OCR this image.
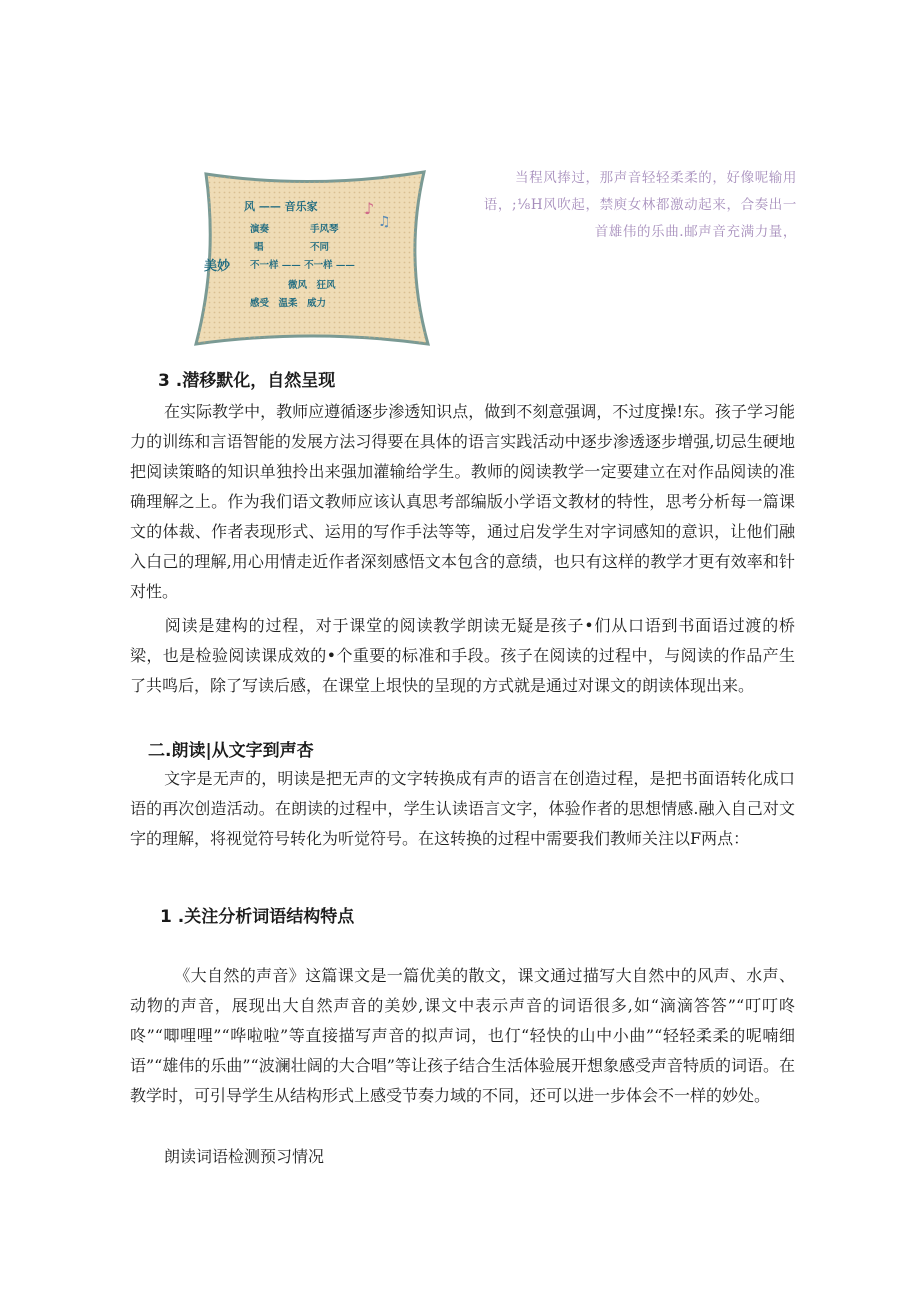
风 —— 音乐家	♪
♫
演奏	手风琴
唱	不同
美妙 不一样 —— 不一样 ——
微风　狂风
感受　温柔　威力
当程风捧过，那声音轻轻柔柔的，好像呢输用
语，;⅛H风吹起，禁庾女林都激动起来，合奏出一
首雄伟的乐曲.邮声音充满力量，
3 .潜移默化，自然呈现
在实际教学中，教师应遵循逐步渗透知识点，做到不刻意强调，不过度操!东。孩子学习能力的训练和言语智能的发展方法习得要在具体的语言实践活动中逐步渗透逐步增强,切忌生硬地把阅读策略的知识单独拎出来强加灌输给学生。教师的阅读教学一定要建立在对作品阅读的准确理解之上。作为我们语文教师应该认真思考部编版小学语文教材的特性，思考分析每一篇课文的体裁、作者表现形式、运用的写作手法等等，通过启发学生对字词感知的意识，让他们融入白己的理解,用心用情走近作者深刻感悟文本包含的意绩，也只有这样的教学才更有效率和针对性。
阅读是建构的过程，对于课堂的阅读教学朗读无疑是孩子•们从口语到书面语过渡的桥梁，也是检验阅读课成效的•个重要的标准和手段。孩子在阅读的过程中，与阅读的作品产生了共鸣后，除了写读后感，在课堂上垠快的呈现的方式就是通过对课文的朗读体现出来。
二.朗读|从文字到声杏
文字是无声的，明读是把无声的文字转换成有声的语言在创造过程，是把书面语转化成口语的再次创造活动。在朗读的过程中，学生认读语言文字，体验作者的思想情感.融入自己对文字的理解，将视觉符号转化为听觉符号。在这转换的过程中需要我们教师关注以F两点：
1 .关注分析词语结构特点
《大自然的声音》这篇课文是一篇优美的散文，课文通过描写大自然中的风声、水声、动物的声音，展现出大自然声音的美妙,课文中表示声音的词语很多,如“滴滴答答”“叮叮咚咚”“唧哩哩”“哗啦啦”等直接描写声音的拟声词，也仃“轻快的山中小曲”“轻轻柔柔的呢喃细语”“雄伟的乐曲”“波澜壮阔的大合唱”等让孩子结合生活体验展开想象感受声音特质的词语。在教学时，可引导学生从结构形式上感受节奏力域的不同，还可以进一步体会不一样的妙处。
朗读词语检测预习情况
